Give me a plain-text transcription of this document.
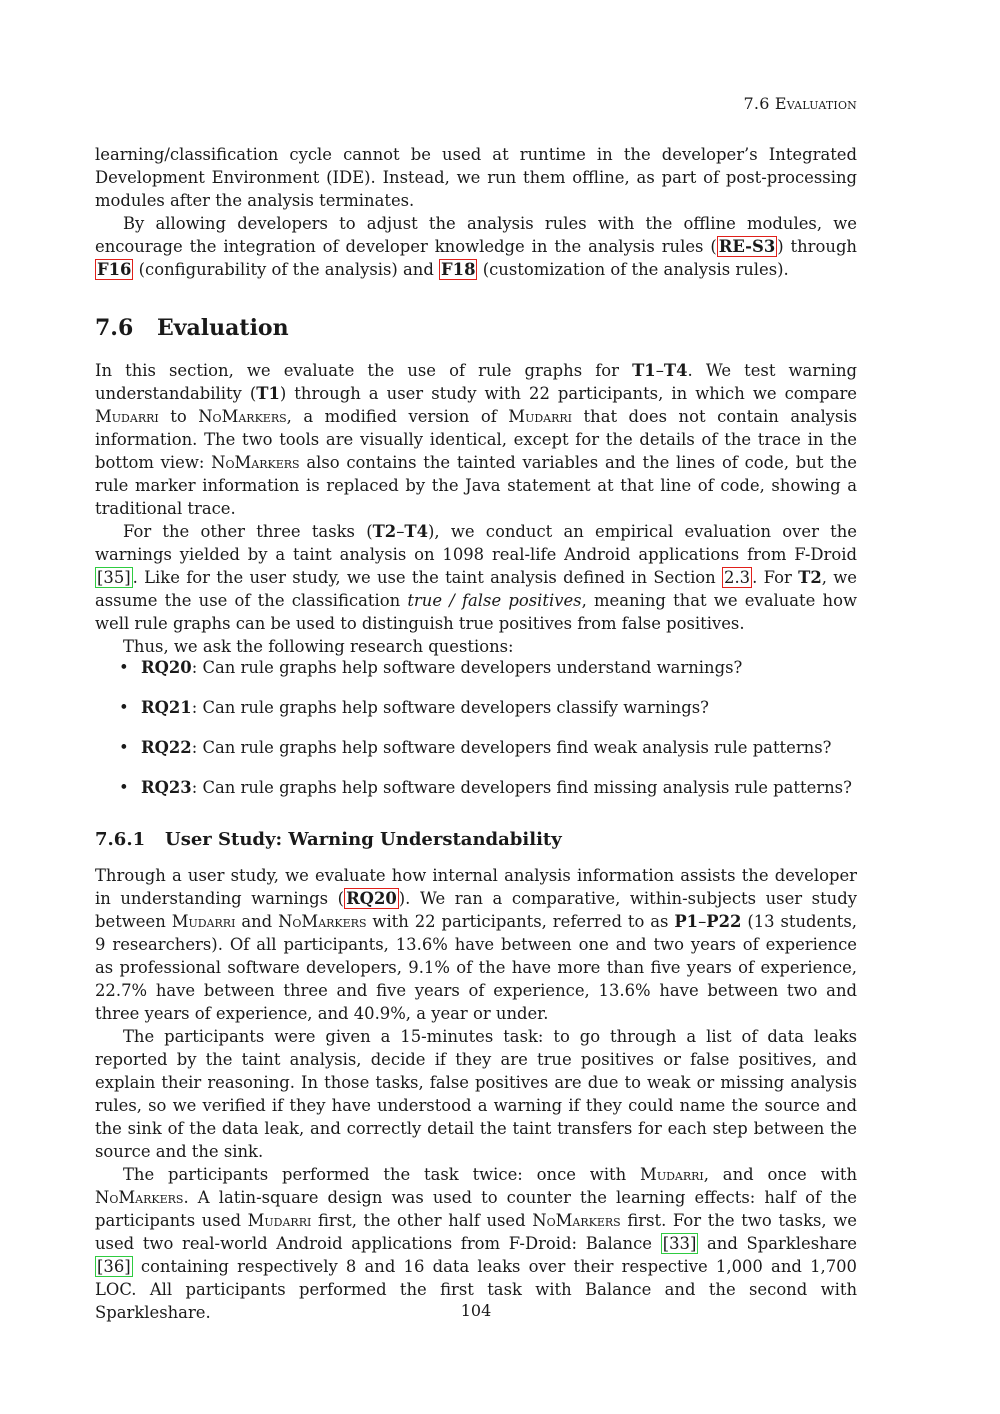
7.6 Evaluation

learning/classification cycle cannot be used at runtime in the developer’s Integrated Development Environment (IDE). Instead, we run them offline, as part of post-processing modules after the analysis terminates.

By allowing developers to adjust the analysis rules with the offline modules, we encourage the integration of developer knowledge in the analysis rules ( RE-S3 ) through F16 (configurability of the analysis) and F18 (customization of the analysis rules).

7.6 Evaluation

In this section, we evaluate the use of rule graphs for T1–T4. We test warning understandability (T1) through a user study with 22 participants, in which we compare Mudarri to NoMarkers, a modified version of Mudarri that does not contain analysis information. The two tools are visually identical, except for the details of the trace in the bottom view: NoMarkers also contains the tainted variables and the lines of code, but the rule marker information is replaced by the Java statement at that line of code, showing a traditional trace.

For the other three tasks (T2–T4), we conduct an empirical evaluation over the warnings yielded by a taint analysis on 1098 real-life Android applications from F-Droid [35] . Like for the user study, we use the taint analysis defined in Section 2.3 . For T2, we assume the use of the classification true / false positives, meaning that we evaluate how well rule graphs can be used to distinguish true positives from false positives.

Thus, we ask the following research questions:

• RQ20: Can rule graphs help software developers understand warnings?
• RQ21: Can rule graphs help software developers classify warnings?
• RQ22: Can rule graphs help software developers find weak analysis rule patterns?
• RQ23: Can rule graphs help software developers find missing analysis rule patterns?
7.6.1 User Study: Warning Understandability

Through a user study, we evaluate how internal analysis information assists the developer in understanding warnings ( RQ20 ). We ran a comparative, within-subjects user study between Mudarri and NoMarkers with 22 participants, referred to as P1–P22 (13 students, 9 researchers). Of all participants, 13.6% have between one and two years of experience as professional software developers, 9.1% of the have more than five years of experience, 22.7% have between three and five years of experience, 13.6% have between two and three years of experience, and 40.9%, a year or under.

The participants were given a 15-minutes task: to go through a list of data leaks reported by the taint analysis, decide if they are true positives or false positives, and explain their reasoning. In those tasks, false positives are due to weak or missing analysis rules, so we verified if they have understood a warning if they could name the source and the sink of the data leak, and correctly detail the taint transfers for each step between the source and the sink.

The participants performed the task twice: once with Mudarri, and once with NoMarkers. A latin-square design was used to counter the learning effects: half of the participants used Mudarri first, the other half used NoMarkers first. For the two tasks, we used two real-world Android applications from F-Droid: Balance [33] and Sparkleshare [36] containing respectively 8 and 16 data leaks over their respective 1,000 and 1,700 LOC. All participants performed the first task with Balance and the second with Sparkleshare.	104
